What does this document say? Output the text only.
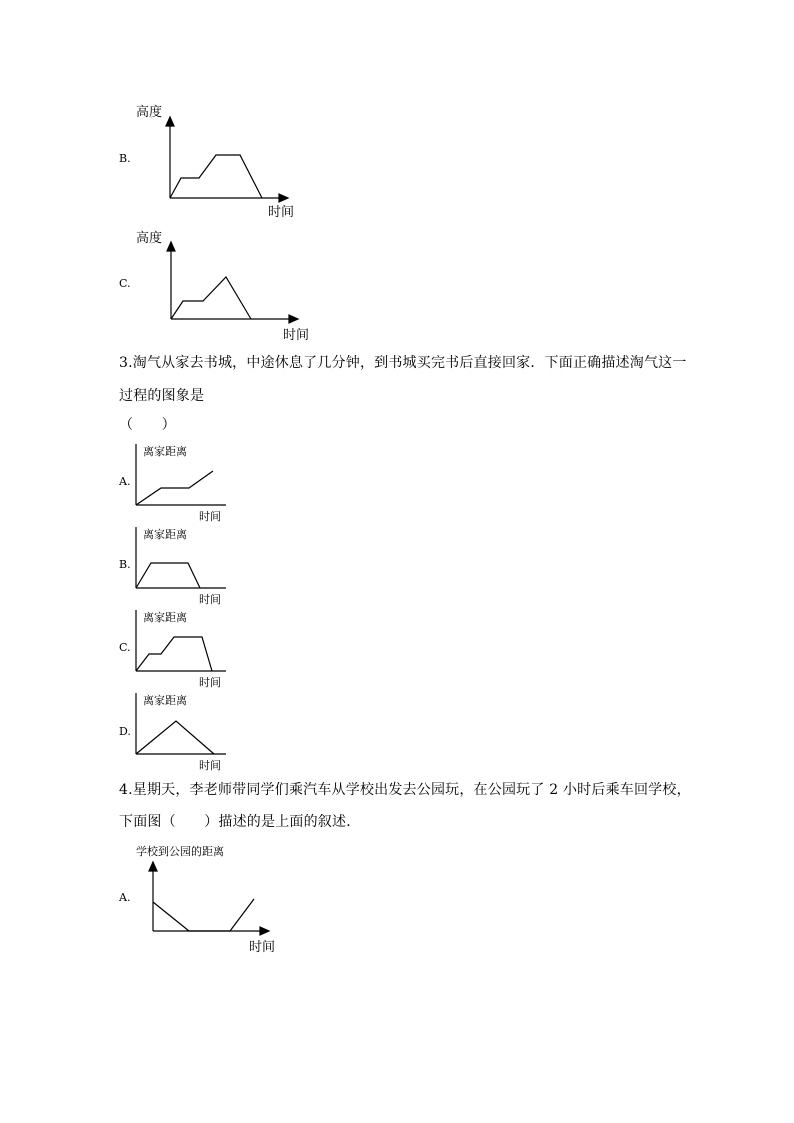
高度
B.
时间
高度
C.
时间
3.淘气从家去书城，中途休息了几分钟，到书城买完书后直接回家．下面正确描述淘气这一
过程的图象是
（　　）
离家距离
A.
时间
离家距离
B.
时间
离家距离
C.
时间
离家距离
D.
时间
4.星期天，李老师带同学们乘汽车从学校出发去公园玩，在公园玩了 2 小时后乘车回学校，
下面图（　　）描述的是上面的叙述．
学校到公园的距离
A.
时间
